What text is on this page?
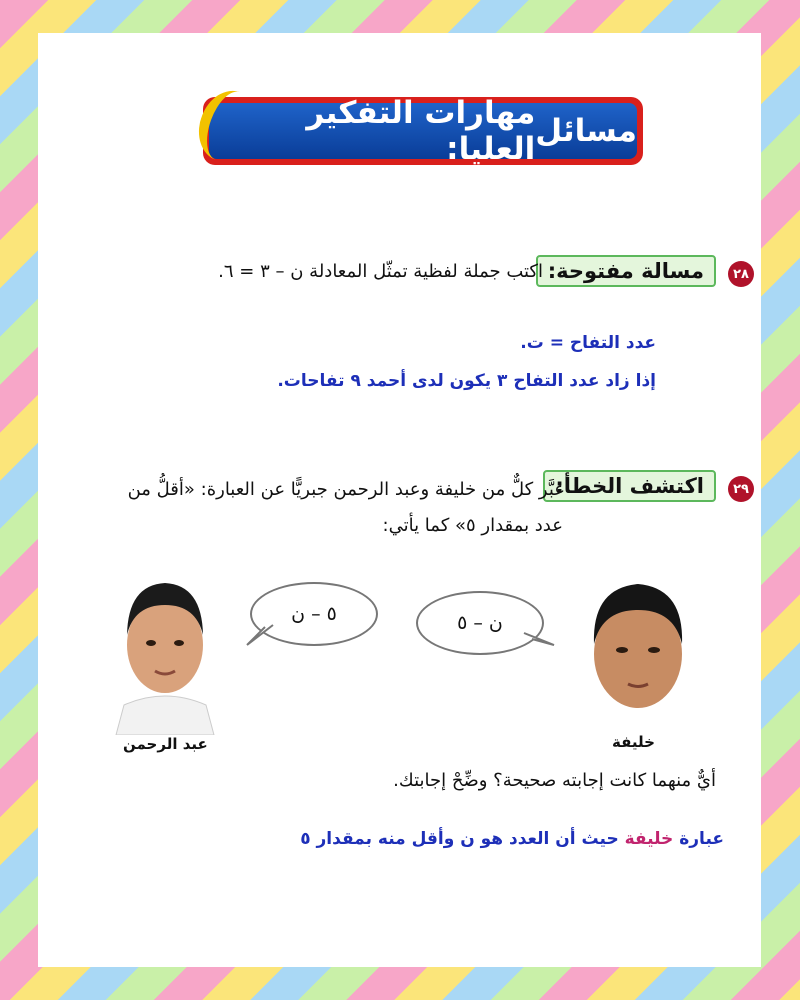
مسائل
مهارات التفكير العليا:
٢٨
مسالة مفتوحة:
اكتب جملة لفظية تمثّل المعادلة ن – ٣ = ٦.
عدد التفاح = ت.
إذا زاد عدد التفاح ٣ يكون لدى أحمد ٩ تفاحات.
٢٩
اكتشف الخطأ:
عبَّر كلٌّ من خليفة وعبد الرحمن جبريًّا عن العبارة: «أقلُّ من
عدد بمقدار ٥» كما يأتي:
عبد الرحمن
٥ – ن	ن – ٥
خليفة
أيٌّ منهما كانت إجابته صحيحة؟ وضِّحْ إجابتك.
عبارة خليفة حيث أن العدد هو ن وأقل منه بمقدار ٥
